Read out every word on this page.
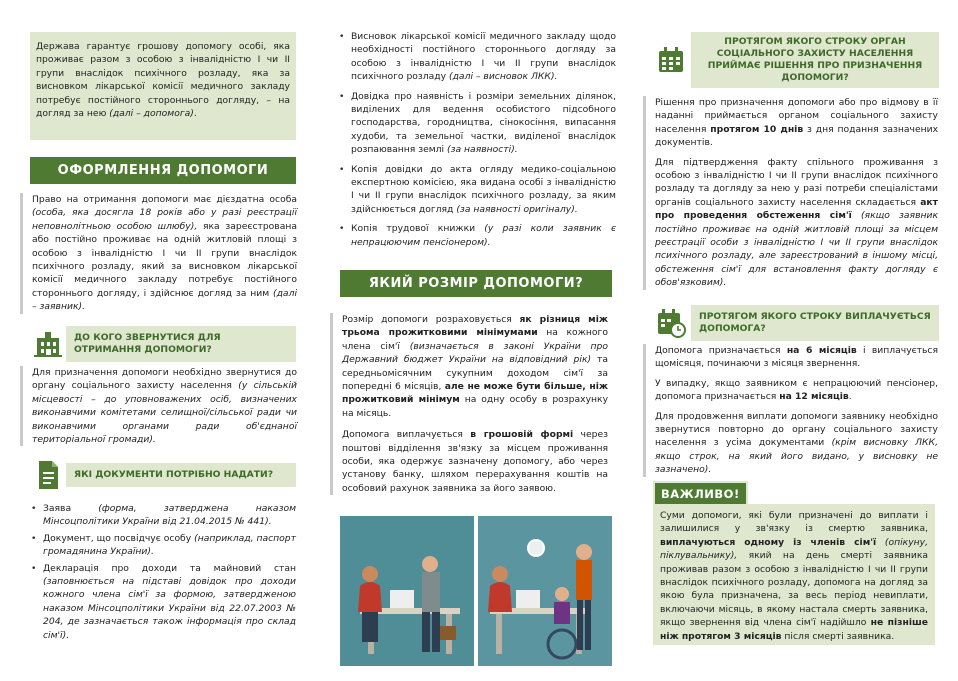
Держава гарантує грошову допомогу особі, яка проживає разом з особою з інвалідністю I чи II групи внаслідок психічного розладу, яка за висновком лікарської комісії медичного закладу потребує постійного стороннього догляду, – на догляд за нею (далі – допомога).

ОФОРМЛЕННЯ ДОПОМОГИ

Право на отримання допомоги має дієздатна особа (особа, яка досягла 18 років або у разі реєстрації неповнолітньою особою шлюбу), яка зареєстрована або постійно проживає на одній житловій площі з особою з інвалідністю I чи II групи внаслідок психічного розладу, який за висновком лікарської комісії медичного закладу потребує постійного стороннього догляду, і здійснює догляд за ним (далі – заявник).

ДО КОГО ЗВЕРНУТИСЯ ДЛЯ ОТРИМАННЯ ДОПОМОГИ?

Для призначення допомоги необхідно звернутися до органу соціального захисту населення (у сільській місцевості – до уповноважених осіб, визначених виконавчими комітетами селищної/сільської ради чи виконавчими органами ради об'єднаної територіальної громади).

ЯКІ ДОКУМЕНТИ ПОТРІБНО НАДАТИ?
• Заява	(форма, затверджена наказом Мінсоцполітики України від 21.04.2015 № 441).
• Документ, що посвідчує особу (наприклад, паспорт громадянина України).
• Декларація про доходи та майновий стан (заповнюється на підставі довідок про доходи кожного члена сім'ї за формою, затвердженою наказом Мінсоцполітики України від 22.07.2003 № 204, де зазначається також інформація про склад сім'ї).
• Висновок лікарської комісії медичного закладу щодо необхідності постійного стороннього догляду за особою з інвалідністю I чи II групи внаслідок психічного розладу (далі – висновок ЛКК).
• Довідка про наявність і розміри земельних ділянок, виділених для ведення особистого підсобного господарства, городництва, сінокосіння, випасання худоби, та земельної частки, виділеної внаслідок розпаювання землі (за наявності).
• Копія довідки до акта огляду медико-соціальною експертною комісією, яка видана особі з інвалідністю I чи II групи внаслідок психічного розладу, за яким здійснюється догляд (за наявності оригіналу).
• Копія трудової книжки (у разі коли заявник є непрацюючим пенсіонером).
ЯКИЙ РОЗМІР ДОПОМОГИ?

Розмір допомоги розраховується як різниця між трьома прожитковими мінімумами на кожного члена сім'ї (визначається в законі України про Державний бюджет України на відповідний рік) та середньомісячним сукупним доходом сім'ї за попередні 6 місяців, але не може бути більше, ніж прожитковий мінімум на одну особу в розрахунку на місяць.

Допомога виплачується в грошовій формі через поштові відділення зв'язку за місцем проживання особи, яка одержує зазначену допомогу, або через установу банку, шляхом перерахування коштів на особовий рахунок заявника за його заявою.

ПРОТЯГОМ ЯКОГО СТРОКУ ОРГАН СОЦІАЛЬНОГО ЗАХИСТУ НАСЕЛЕННЯ ПРИЙМАЄ РІШЕННЯ ПРО ПРИЗНАЧЕННЯ ДОПОМОГИ?

Рішення про призначення допомоги або про відмову в її наданні приймається органом соціального захисту населення протягом 10 днів з дня подання зазначених документів.

Для підтвердження факту спільного проживання з особою з інвалідністю I чи II групи внаслідок психічного розладу та догляду за нею у разі потреби спеціалістами органів соціального захисту населення складається акт про проведення обстеження сім'ї (якщо заявник постійно проживає на одній житловій площі за місцем реєстрації особи з інвалідністю I чи II групи внаслідок психічного розладу, але зареєстрований в іншому місці, обстеження сім'ї для встановлення факту догляду є обов'язковим).

ПРОТЯГОМ ЯКОГО СТРОКУ ВИПЛАЧУЄТЬСЯ ДОПОМОГА?

Допомога призначається на 6 місяців і виплачується щомісяця, починаючи з місяця звернення.

У випадку, якщо заявником є непрацюючий пенсіонер, допомога призначається на 12 місяців.

Для продовження виплати допомоги заявнику необхідно звернутися повторно до органу соціального захисту населення з усіма документами (крім висновку ЛКК, якщо строк, на який його видано, у висновку не зазначено).

ВАЖЛИВО!

Суми допомоги, які були призначені до виплати і залишилися у зв'язку із смертю заявника, виплачуються одному із членів сім'ї (опікуну, піклувальнику), який на день смерті заявника проживав разом з особою з інвалідністю I чи II групи внаслідок психічного розладу, допомога на догляд за якою була призначена, за весь період невиплати, включаючи місяць, в якому настала смерть заявника, якщо звернення від члена сім'ї надійшло не пізніше ніж протягом 3 місяців після смерті заявника.
